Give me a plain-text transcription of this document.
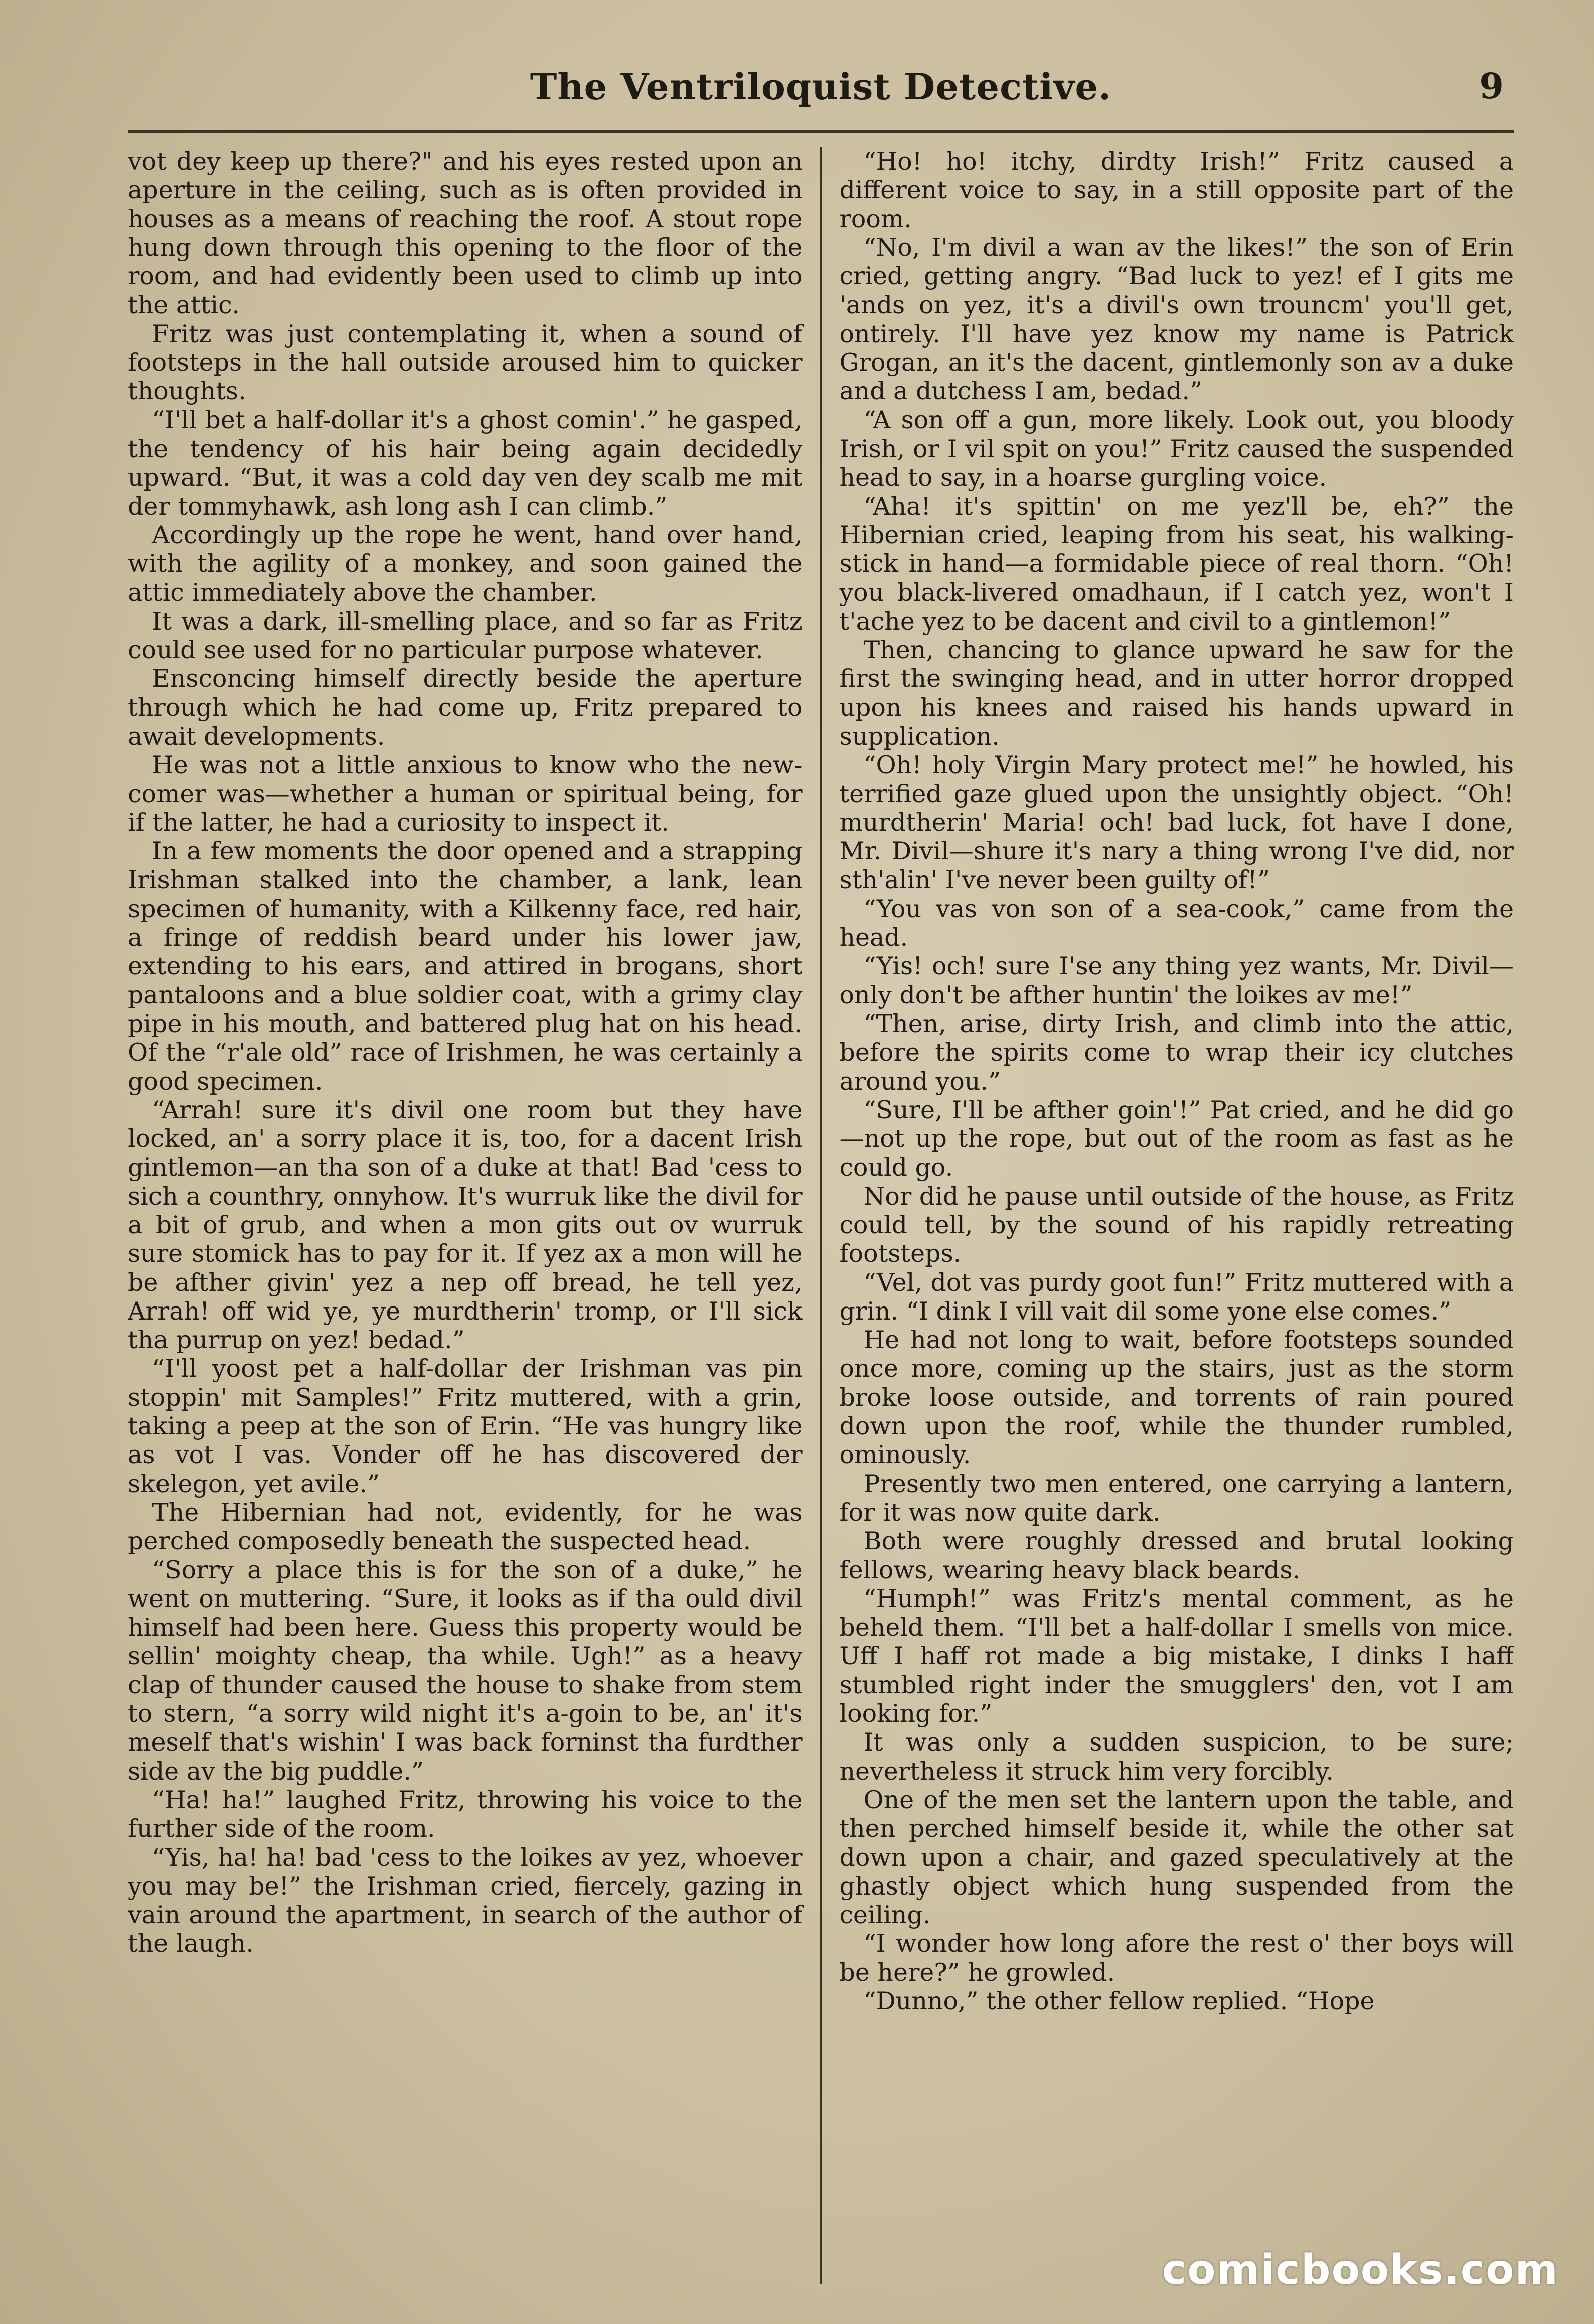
The Ventriloquist Detective.	9

vot dey keep up there?" and his eyes rested upon an aperture in the ceiling, such as is often provided in houses as a means of reaching the roof. A stout rope hung down through this opening to the floor of the room, and had evidently been used to climb up into the attic.

Fritz was just contemplating it, when a sound of footsteps in the hall outside aroused him to quicker thoughts.

“I'll bet a half-dollar it's a ghost comin'.” he gasped, the tendency of his hair being again decidedly upward. “But, it was a cold day ven dey scalb me mit der tommyhawk, ash long ash I can climb.”

Accordingly up the rope he went, hand over hand, with the agility of a monkey, and soon gained the attic immediately above the chamber.

It was a dark, ill-smelling place, and so far as Fritz could see used for no particular purpose whatever.

Ensconcing himself directly beside the aperture through which he had come up, Fritz prepared to await developments.

He was not a little anxious to know who the new-comer was—whether a human or spiritual being, for if the latter, he had a curiosity to inspect it.

In a few moments the door opened and a strapping Irishman stalked into the chamber, a lank, lean specimen of humanity, with a Kilkenny face, red hair, a fringe of reddish beard under his lower jaw, extending to his ears, and attired in brogans, short pantaloons and a blue soldier coat, with a grimy clay pipe in his mouth, and battered plug hat on his head. Of the “r'ale old” race of Irishmen, he was certainly a good specimen.

“Arrah! sure it's divil one room but they have locked, an' a sorry place it is, too, for a dacent Irish gintlemon—an tha son of a duke at that! Bad 'cess to sich a counthry, onnyhow. It's wurruk like the divil for a bit of grub, and when a mon gits out ov wurruk sure stomick has to pay for it. If yez ax a mon will he be afther givin' yez a nep off bread, he tell yez, Arrah! off wid ye, ye murdtherin' tromp, or I'll sick tha purrup on yez! bedad.”

“I'll yoost pet a half-dollar der Irishman vas pin stoppin' mit Samples!” Fritz muttered, with a grin, taking a peep at the son of Erin. “He vas hungry like as vot I vas. Vonder off he has discovered der skelegon, yet avile.”

The Hibernian had not, evidently, for he was perched composedly beneath the suspected head.

“Sorry a place this is for the son of a duke,” he went on muttering. “Sure, it looks as if tha ould divil himself had been here. Guess this property would be sellin' moighty cheap, tha while. Ugh!” as a heavy clap of thunder caused the house to shake from stem to stern, “a sorry wild night it's a-goin to be, an' it's meself that's wishin' I was back forninst tha furdther side av the big puddle.”

“Ha! ha!” laughed Fritz, throwing his voice to the further side of the room.

“Yis, ha! ha! bad 'cess to the loikes av yez, whoever you may be!” the Irishman cried, fiercely, gazing in vain around the apartment, in search of the author of the laugh.

“Ho! ho! itchy, dirdty Irish!” Fritz caused a different voice to say, in a still opposite part of the room.

“No, I'm divil a wan av the likes!” the son of Erin cried, getting angry. “Bad luck to yez! ef I gits me 'ands on yez, it's a divil's own trouncm' you'll get, ontirely. I'll have yez know my name is Patrick Grogan, an it's the dacent, gintlemonly son av a duke and a dutchess I am, bedad.”

“A son off a gun, more likely. Look out, you bloody Irish, or I vil spit on you!” Fritz caused the suspended head to say, in a hoarse gurgling voice.

“Aha! it's spittin' on me yez'll be, eh?” the Hibernian cried, leaping from his seat, his walking-stick in hand—a formidable piece of real thorn. “Oh! you black-livered omadhaun, if I catch yez, won't I t'ache yez to be dacent and civil to a gintlemon!”

Then, chancing to glance upward he saw for the first the swinging head, and in utter horror dropped upon his knees and raised his hands upward in supplication.

“Oh! holy Virgin Mary protect me!” he howled, his terrified gaze glued upon the unsightly object. “Oh! murdtherin' Maria! och! bad luck, fot have I done, Mr. Divil—shure it's nary a thing wrong I've did, nor sth'alin' I've never been guilty of!”

“You vas von son of a sea-cook,” came from the head.

“Yis! och! sure I'se any thing yez wants, Mr. Divil—only don't be afther huntin' the loikes av me!”

“Then, arise, dirty Irish, and climb into the attic, before the spirits come to wrap their icy clutches around you.”

“Sure, I'll be afther goin'!” Pat cried, and he did go—not up the rope, but out of the room as fast as he could go.

Nor did he pause until outside of the house, as Fritz could tell, by the sound of his rapidly retreating footsteps.

“Vel, dot vas purdy goot fun!” Fritz muttered with a grin. “I dink I vill vait dil some yone else comes.”

He had not long to wait, before footsteps sounded once more, coming up the stairs, just as the storm broke loose outside, and torrents of rain poured down upon the roof, while the thunder rumbled, ominously.

Presently two men entered, one carrying a lantern, for it was now quite dark.

Both were roughly dressed and brutal looking fellows, wearing heavy black beards.

“Humph!” was Fritz's mental comment, as he beheld them. “I'll bet a half-dollar I smells von mice. Uff I haff rot made a big mistake, I dinks I haff stumbled right inder the smugglers' den, vot I am looking for.”

It was only a sudden suspicion, to be sure; nevertheless it struck him very forcibly.

One of the men set the lantern upon the table, and then perched himself beside it, while the other sat down upon a chair, and gazed speculatively at the ghastly object which hung suspended from the ceiling.

“I wonder how long afore the rest o' ther boys will be here?” he growled.

“Dunno,” the other fellow replied. “Hope

comicbooks.com
